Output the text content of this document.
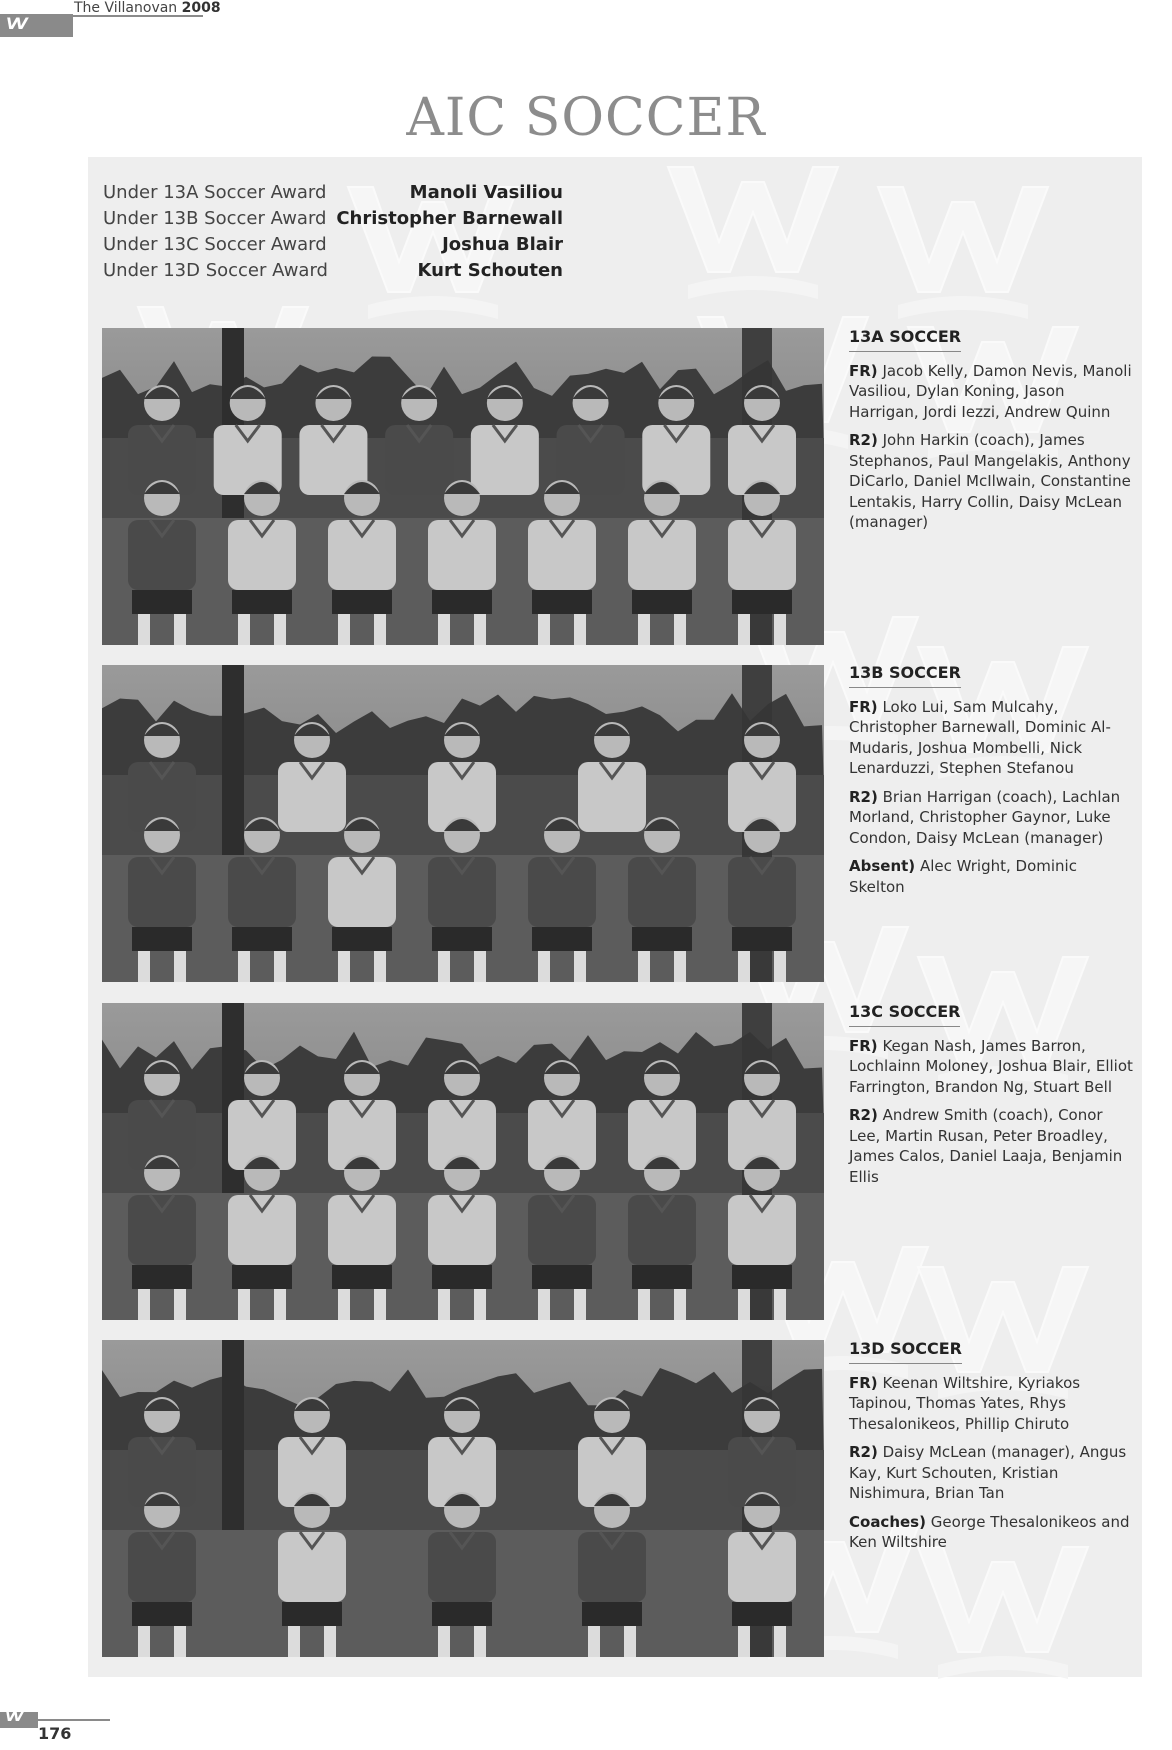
VV
The Villanovan 2008
AIC SOCCER
Under 13A Soccer Award	Manoli Vasiliou
Under 13B Soccer Award Christopher Barnewall
Under 13C Soccer Award	Joshua Blair
Under 13D Soccer Award	Kurt Schouten
13A SOCCER

FR) Jacob Kelly, Damon Nevis, Manoli Vasiliou, Dylan Koning, Jason Harrigan, Jordi Iezzi, Andrew Quinn

R2) John Harkin (coach), James Stephanos, Paul Mangelakis, Anthony DiCarlo, Daniel McIlwain, Constantine Lentakis, Harry Collin, Daisy McLean (manager)

13B SOCCER

FR) Loko Lui, Sam Mulcahy, Christopher Barnewall, Dominic Al-Mudaris, Joshua Mombelli, Nick Lenarduzzi, Stephen Stefanou

R2) Brian Harrigan (coach), Lachlan Morland, Christopher Gaynor, Luke Condon, Daisy McLean (manager)

Absent) Alec Wright, Dominic Skelton

13C SOCCER

FR) Kegan Nash, James Barron, Lochlainn Moloney, Joshua Blair, Elliot Farrington, Brandon Ng, Stuart Bell

R2) Andrew Smith (coach), Conor Lee, Martin Rusan, Peter Broadley, James Calos, Daniel Laaja, Benjamin Ellis

13D SOCCER

FR) Keenan Wiltshire, Kyriakos Tapinou, Thomas Yates, Rhys Thesalonikeos, Phillip Chiruto

R2) Daisy McLean (manager), Angus Kay, Kurt Schouten, Kristian Nishimura, Brian Tan

Coaches) George Thesalonikeos and Ken Wiltshire

VV
176
